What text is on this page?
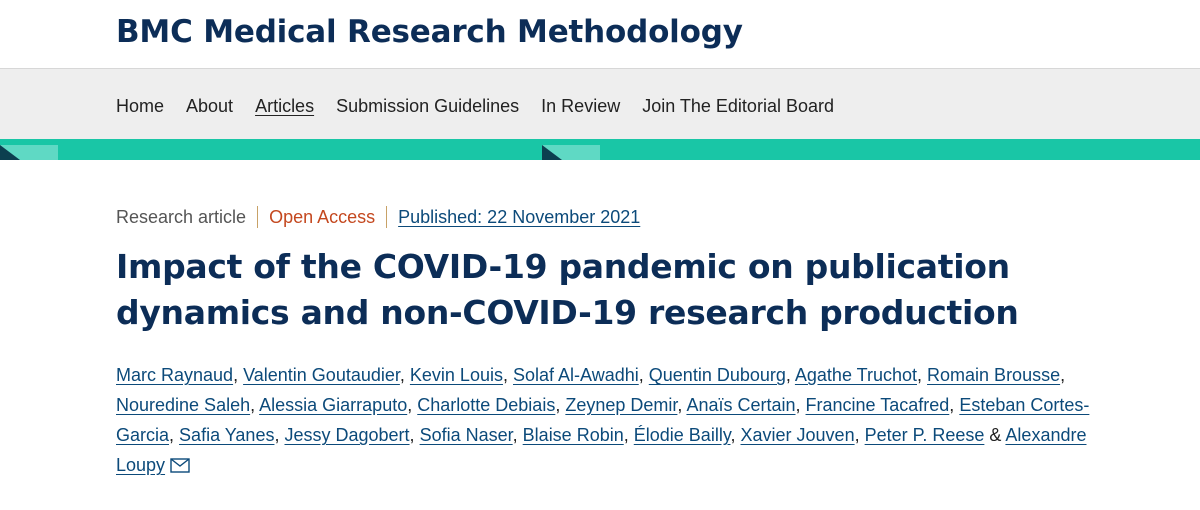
BMC Medical Research Methodology
Home About Articles Submission Guidelines In Review Join The Editorial Board
Research article Open Access Published: 22 November 2021
Impact of the COVID-19 pandemic on publication dynamics and non-COVID-19 research production
Marc Raynaud, Valentin Goutaudier, Kevin Louis, Solaf Al-Awadhi, Quentin Dubourg, Agathe Truchot, Romain Brousse, Nouredine Saleh, Alessia Giarraputo, Charlotte Debiais, Zeynep Demir, Anaïs Certain, Francine Tacafred, Esteban Cortes-Garcia, Safia Yanes, Jessy Dagobert, Sofia Naser, Blaise Robin, Élodie Bailly, Xavier Jouven, Peter P. Reese & Alexandre Loupy
